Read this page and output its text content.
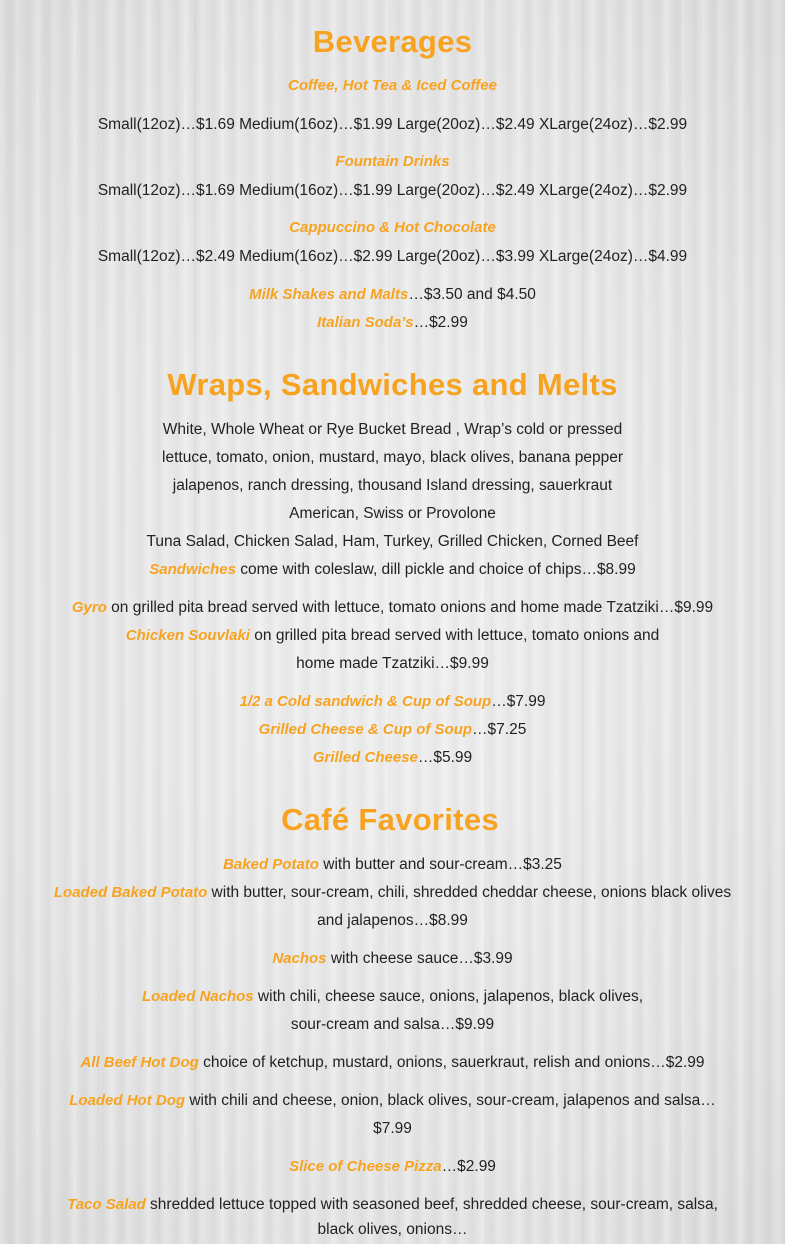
Beverages
Coffee, Hot Tea & Iced Coffee

Small(12oz)…$1.69 Medium(16oz)…$1.99 Large(20oz)…$2.49 XLarge(24oz)…$2.99

Fountain Drinks

Small(12oz)…$1.69 Medium(16oz)…$1.99 Large(20oz)…$2.49 XLarge(24oz)…$2.99

Cappuccino & Hot Chocolate

Small(12oz)…$2.49 Medium(16oz)…$2.99 Large(20oz)…$3.99 XLarge(24oz)…$4.99

Milk Shakes and Malts…$3.50 and $4.50

Italian Soda’s…$2.99

Wraps, Sandwiches and Melts

White, Whole Wheat or Rye Bucket Bread , Wrap’s cold or pressed

lettuce, tomato, onion, mustard, mayo, black olives, banana pepper

jalapenos, ranch dressing, thousand Island dressing, sauerkraut

American, Swiss or Provolone

Tuna Salad, Chicken Salad, Ham, Turkey, Grilled Chicken, Corned Beef

Sandwiches come with coleslaw, dill pickle and choice of chips…$8.99

Gyro on grilled pita bread served with lettuce, tomato onions and home made Tzatziki…$9.99

Chicken Souvlaki on grilled pita bread served with lettuce, tomato onions and

home made Tzatziki…$9.99

1/2 a Cold sandwich & Cup of Soup…$7.99

Grilled Cheese & Cup of Soup…$7.25

Grilled Cheese…$5.99

Café Favorites

Baked Potato with butter and sour-cream…$3.25

Loaded Baked Potato with butter, sour-cream, chili, shredded cheddar cheese, onions black olives

and jalapenos…$8.99

Nachos with cheese sauce…$3.99

Loaded Nachos with chili, cheese sauce, onions, jalapenos, black olives,

sour-cream and salsa…$9.99

All Beef Hot Dog choice of ketchup, mustard, onions, sauerkraut, relish and onions…$2.99

Loaded Hot Dog with chili and cheese, onion, black olives, sour-cream, jalapenos and salsa…

$7.99

Slice of Cheese Pizza…$2.99

Taco Salad shredded lettuce topped with seasoned beef, shredded cheese, sour-cream, salsa,

black olives, onions…
